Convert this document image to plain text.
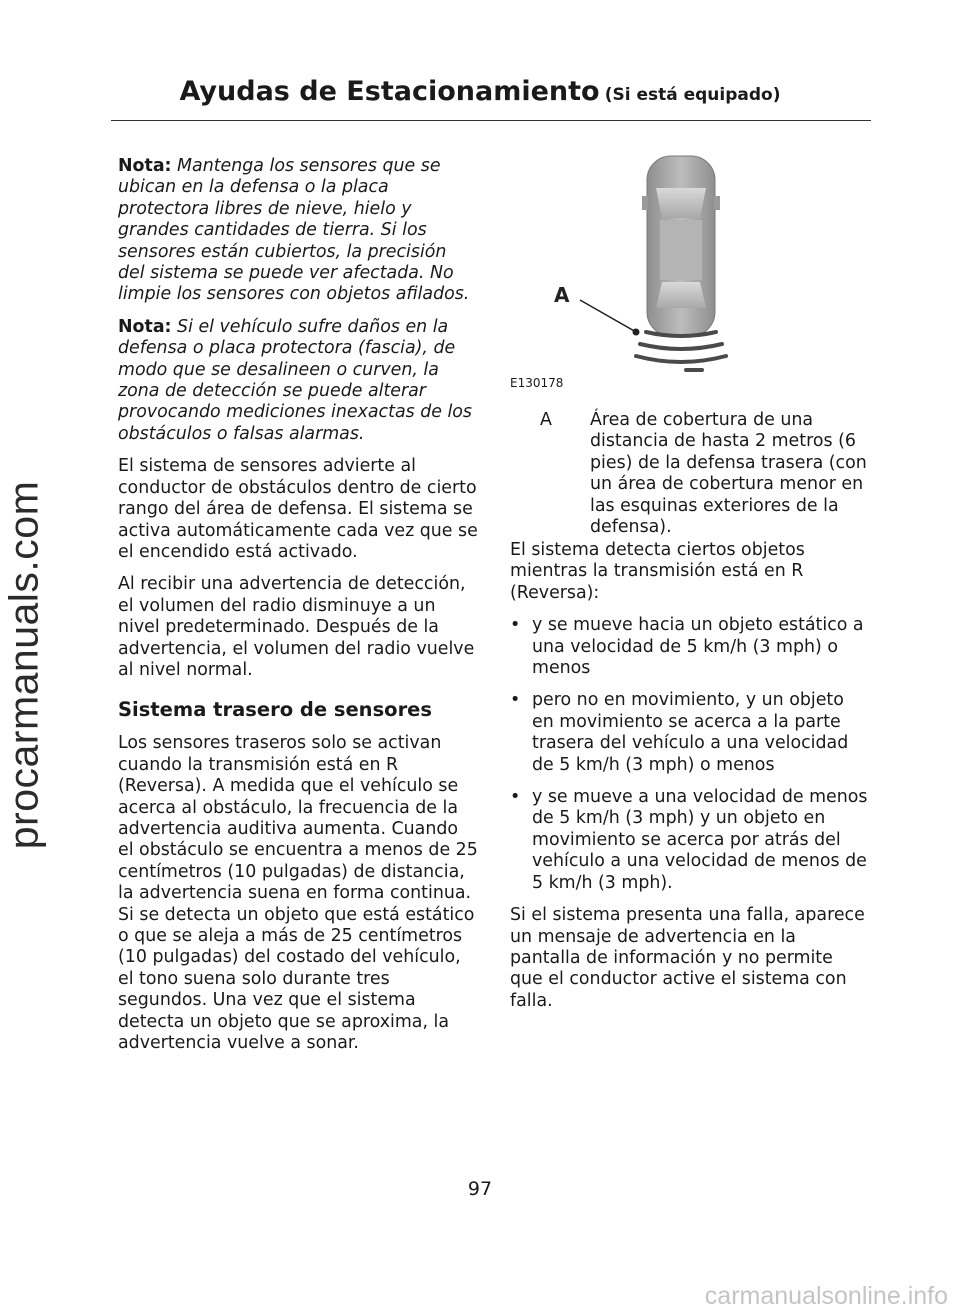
procarmanuals.com
Ayudas de Estacionamiento (Si está equipado)

Nota: Mantenga los sensores que se ubican en la defensa o la placa protectora libres de nieve, hielo y grandes cantidades de tierra. Si los sensores están cubiertos, la precisión del sistema se puede ver afectada. No limpie los sensores con objetos afilados.

Nota: Si el vehículo sufre daños en la defensa o placa protectora (fascia), de modo que se desalineen o curven, la zona de detección se puede alterar provocando mediciones inexactas de los obstáculos o falsas alarmas.

El sistema de sensores advierte al conductor de obstáculos dentro de cierto rango del área de defensa. El sistema se activa automáticamente cada vez que se el encendido está activado.

Al recibir una advertencia de detección, el volumen del radio disminuye a un nivel predeterminado. Después de la advertencia, el volumen del radio vuelve al nivel normal.

Sistema trasero de sensores

Los sensores traseros solo se activan cuando la transmisión está en R (Reversa). A medida que el vehículo se acerca al obstáculo, la frecuencia de la advertencia auditiva aumenta. Cuando el obstáculo se encuentra a menos de 25 centímetros (10 pulgadas) de distancia, la advertencia suena en forma continua. Si se detecta un objeto que está estático o que se aleja a más de 25 centímetros (10 pulgadas) del costado del vehículo, el tono suena solo durante tres segundos. Una vez que el sistema detecta un objeto que se aproxima, la advertencia vuelve a sonar.

A
E130178
A Área de cobertura de una distancia de hasta 2 metros (6 pies) de la defensa trasera (con un área de cobertura menor en las esquinas exteriores de la defensa).

El sistema detecta ciertos objetos mientras la transmisión está en R (Reversa):

• y se mueve hacia un objeto estático a una velocidad de 5 km/h (3 mph) o menos
• pero no en movimiento, y un objeto en movimiento se acerca a la parte trasera del vehículo a una velocidad de 5 km/h (3 mph) o menos
• y se mueve a una velocidad de menos de 5 km/h (3 mph) y un objeto en movimiento se acerca por atrás del vehículo a una velocidad de menos de 5 km/h (3 mph).

Si el sistema presenta una falla, aparece un mensaje de advertencia en la pantalla de información y no permite que el conductor active el sistema con falla.

97
carmanualsonline.info
